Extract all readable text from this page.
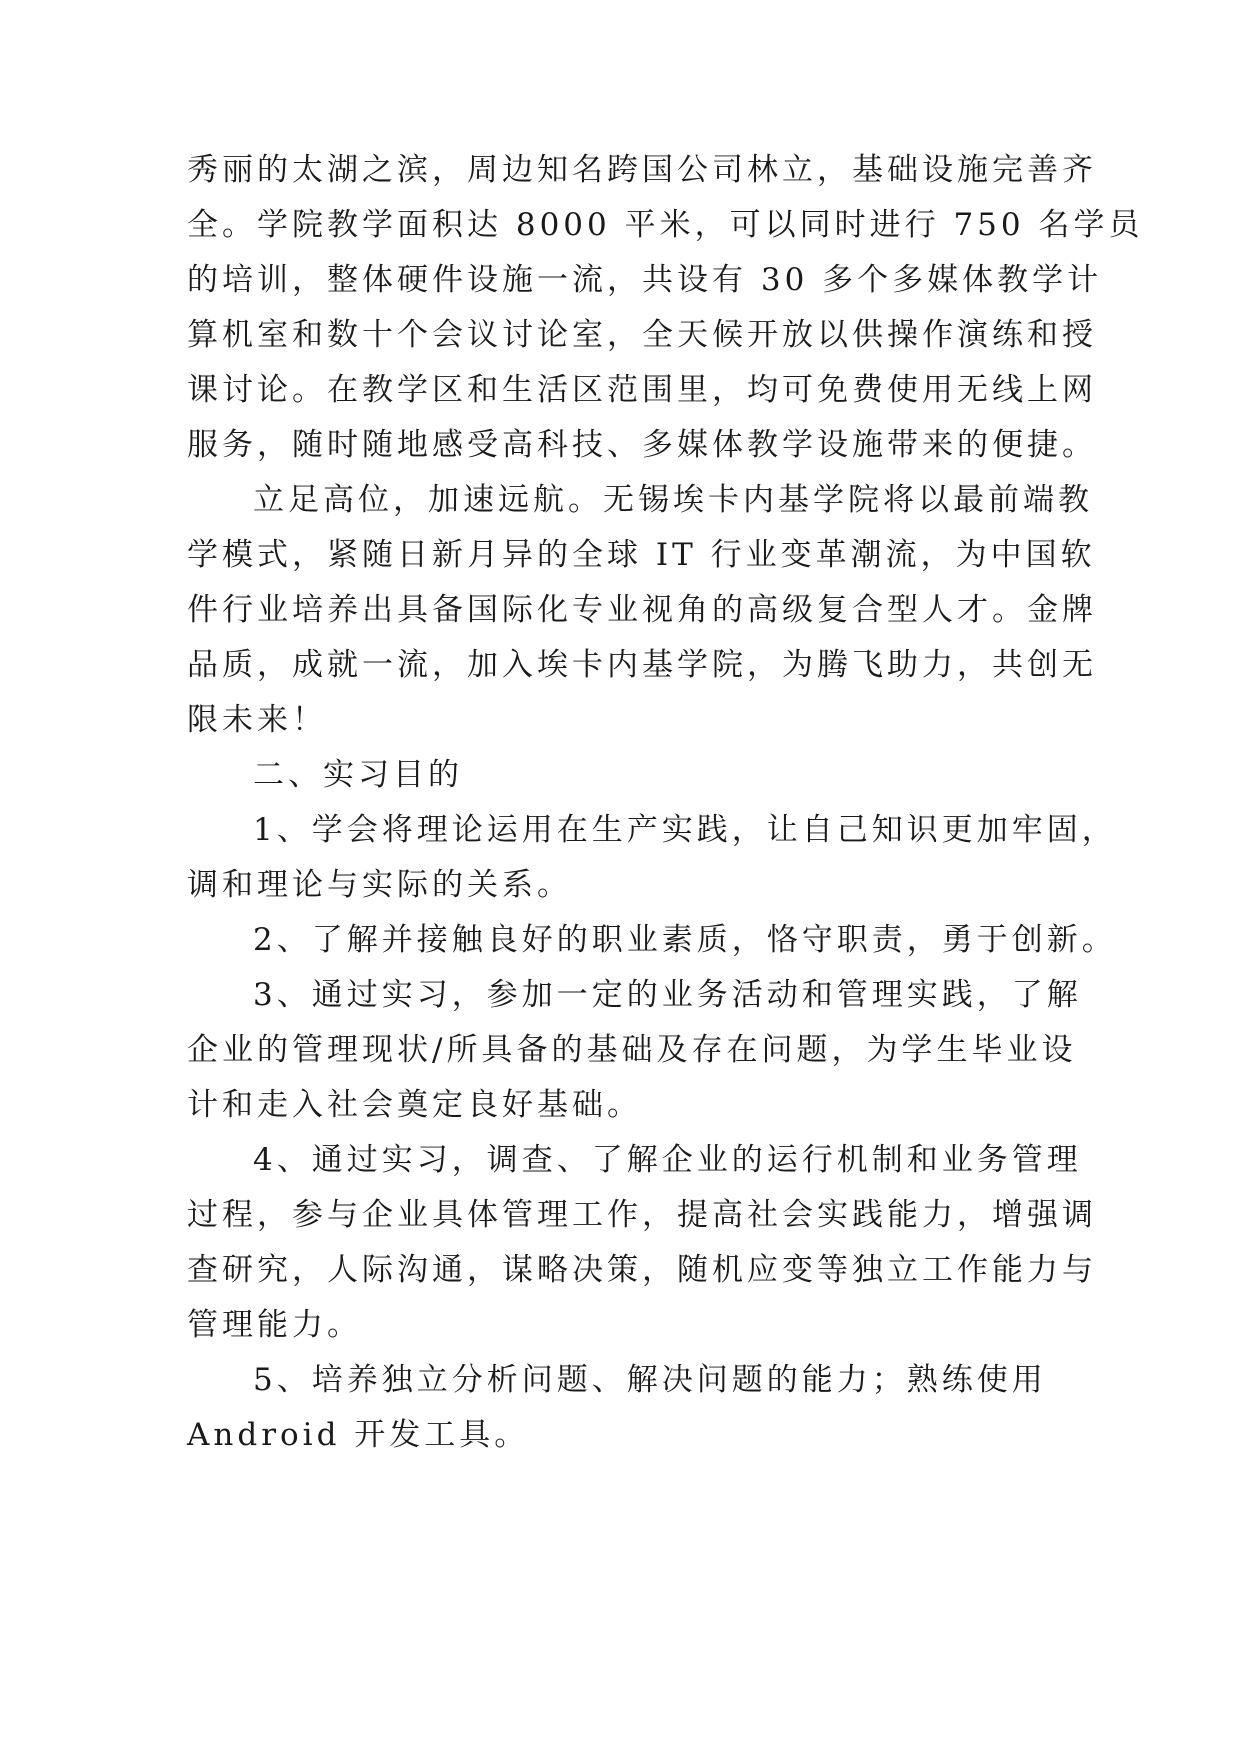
秀丽的太湖之滨，周边知名跨国公司林立，基础设施完善齐
全。学院教学面积达 8000 平米，可以同时进行 750 名学员
的培训，整体硬件设施一流，共设有 30 多个多媒体教学计
算机室和数十个会议讨论室，全天候开放以供操作演练和授
课讨论。在教学区和生活区范围里，均可免费使用无线上网
服务，随时随地感受高科技、多媒体教学设施带来的便捷。
立足高位，加速远航。无锡埃卡内基学院将以最前端教
学模式，紧随日新月异的全球 IT 行业变革潮流，为中国软
件行业培养出具备国际化专业视角的高级复合型人才。金牌
品质，成就一流，加入埃卡内基学院，为腾飞助力，共创无
限未来！
二、实习目的
1、学会将理论运用在生产实践，让自己知识更加牢固，
调和理论与实际的关系。
2、了解并接触良好的职业素质，恪守职责，勇于创新。
3、通过实习，参加一定的业务活动和管理实践，了解
企业的管理现状/所具备的基础及存在问题，为学生毕业设
计和走入社会奠定良好基础。
4、通过实习，调查、了解企业的运行机制和业务管理
过程，参与企业具体管理工作，提高社会实践能力，增强调
查研究，人际沟通，谋略决策，随机应变等独立工作能力与
管理能力。
5、培养独立分析问题、解决问题的能力；熟练使用
Android 开发工具。
